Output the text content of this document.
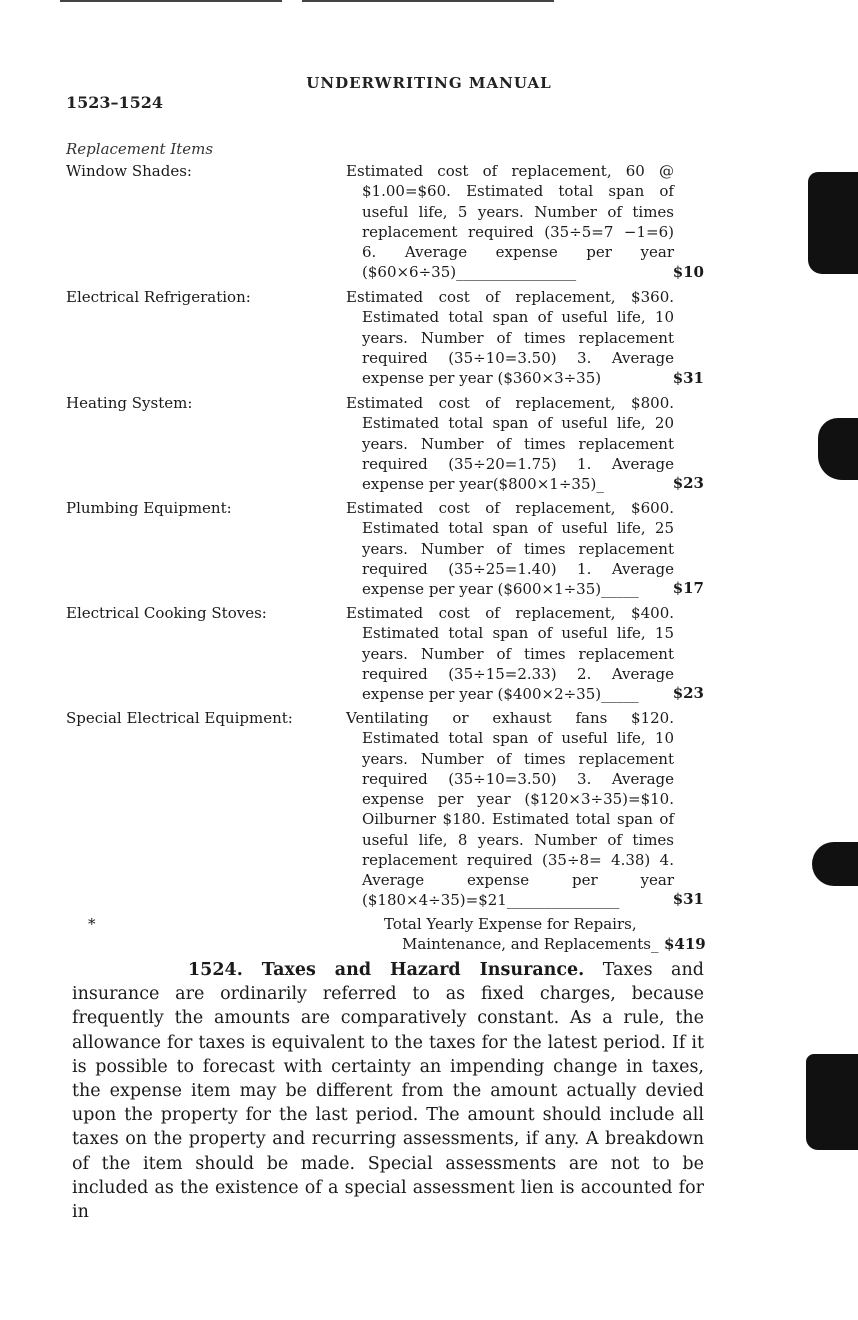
UNDERWRITING MANUAL
1523–1524
Replacement Items
Window Shades:	Estimated cost of replacement, 60 @ $1.00=$60. Estimated total span of useful life, 5 years. Number of times replacement required (35÷5=7 −1=6) 6. Average expense per year ($60×6÷35)________________	$10
Electrical Refrigeration:	Estimated cost of replacement, $360. Estimated total span of useful life, 10 years. Number of times replacement required (35÷10=3.50) 3. Average expense per year ($360×3÷35)	$31
Heating System:	Estimated cost of replacement, $800. Estimated total span of useful life, 20 years. Number of times replacement required (35÷20=1.75) 1. Average expense per year($800×1÷35)_	$23
Plumbing Equipment:	Estimated cost of replacement, $600. Estimated total span of useful life, 25 years. Number of times replacement required (35÷25=1.40) 1. Average expense per year ($600×1÷35)_____	$17
Electrical Cooking Stoves:	Estimated cost of replacement, $400. Estimated total span of useful life, 15 years. Number of times replacement required (35÷15=2.33) 2. Average expense per year ($400×2÷35)_____	$23
Special Electrical Equipment:	Ventilating or exhaust fans $120. Estimated total span of useful life, 10 years. Number of times replacement required (35÷10=3.50) 3. Average expense per year ($120×3÷35)=$10. Oilburner $180. Estimated total span of useful life, 8 years. Number of times replacement required (35÷8= 4.38) 4. Average expense per year ($180×4÷35)=$21_______________	$31
*	Total Yearly Expense for Repairs,
Maintenance, and Replacements_ $419
1524. Taxes and Hazard Insurance. Taxes and insurance are ordinarily referred to as fixed charges, because frequently the amounts are comparatively constant. As a rule, the allowance for taxes is equivalent to the taxes for the latest period. If it is possible to forecast with certainty an impending change in taxes, the expense item may be different from the amount actually devied upon the property for the last period. The amount should include all taxes on the property and recurring assessments, if any. A breakdown of the item should be made. Special assessments are not to be included as the existence of a special assessment lien is accounted for in
